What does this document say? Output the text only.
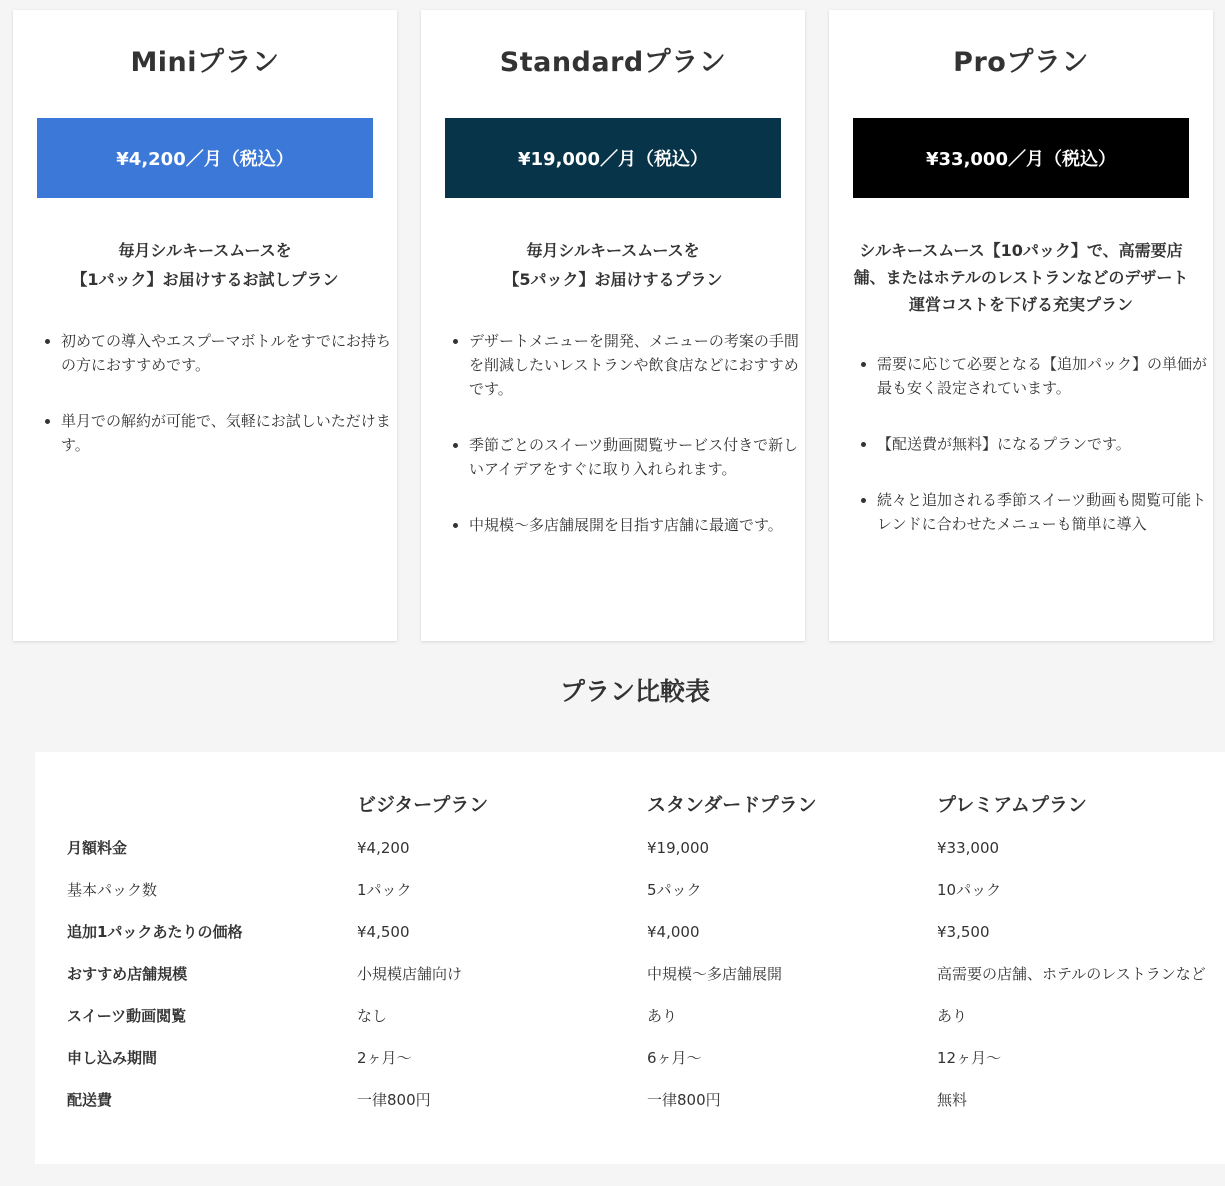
Miniプラン
¥4,200／月（税込）
毎月シルキースムースを
【1パック】お届けするお試しプラン
• 初めての導入やエスプーマボトルをすでにお持ちの方におすすめです。
• 単月での解約が可能で、気軽にお試しいただけます。
Standardプラン
¥19,000／月（税込）
毎月シルキースムースを
【5パック】お届けするプラン
• デザートメニューを開発、メニューの考案の手間を削減したいレストランや飲食店などにおすすめです。
• 季節ごとのスイーツ動画閲覧サービス付きで新しいアイデアをすぐに取り入れられます。
• 中規模〜多店舗展開を目指す店舗に最適です。
Proプラン
¥33,000／月（税込）
シルキースムース【10パック】で、高需要店舗、またはホテルのレストランなどのデザート運営コストを下げる充実プラン
• 需要に応じて必要となる【追加パック】の単価が最も安く設定されています。
• 【配送費が無料】になるプランです。
• 続々と追加される季節スイーツ動画も閲覧可能トレンドに合わせたメニューも簡単に導入
プラン比較表
	ビジタープラン	スタンダードプラン	プレミアムプラン
月額料金	¥4,200	¥19,000	¥33,000
基本パック数	1パック	5パック	10パック
追加1パックあたりの価格	¥4,500	¥4,000	¥3,500
おすすめ店舗規模	小規模店舗向け	中規模〜多店舗展開	高需要の店舗、ホテルのレストランなど
スイーツ動画閲覧	なし	あり	あり
申し込み期間	2ヶ月〜	6ヶ月〜	12ヶ月〜
配送費	一律800円	一律800円	無料
